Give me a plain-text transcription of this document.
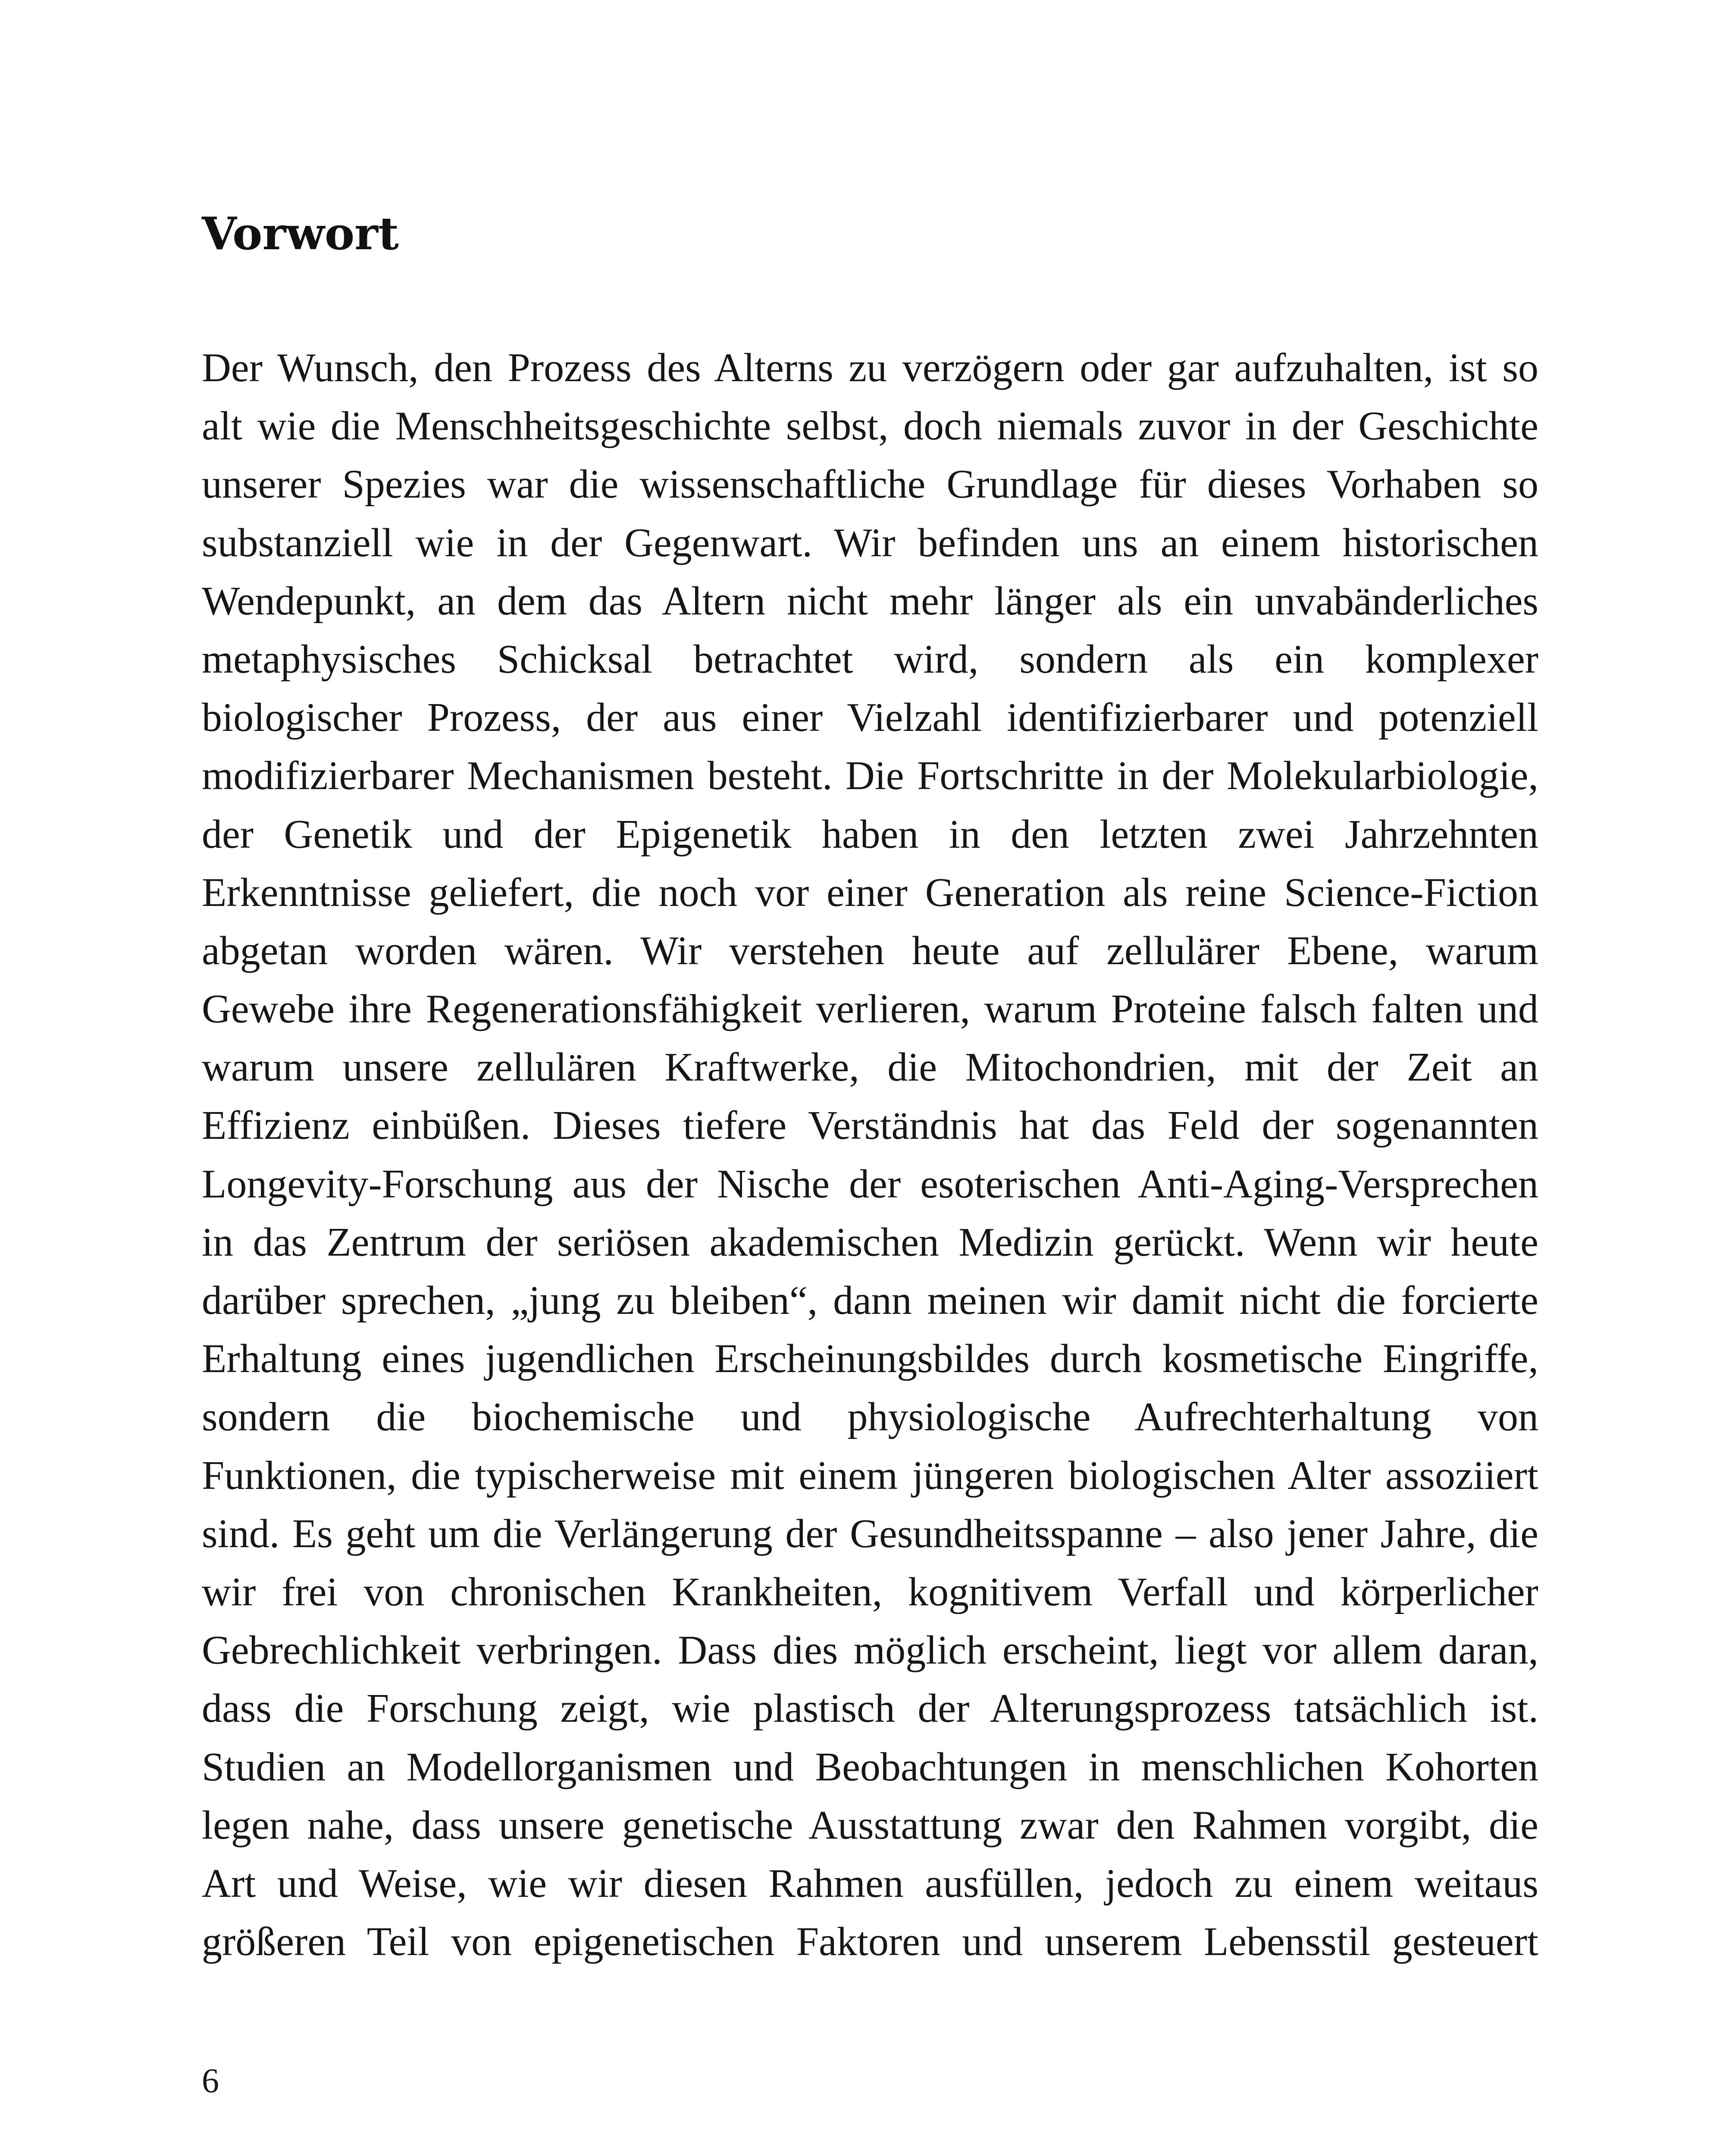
Vorwort
Der Wunsch, den Prozess des Alterns zu verzögern oder gar aufzuhalten, ist so
alt wie die Menschheitsgeschichte selbst, doch niemals zuvor in der Geschichte
unserer Spezies war die wissenschaftliche Grundlage für dieses Vorhaben so
substanziell wie in der Gegenwart. Wir befinden uns an einem historischen
Wendepunkt, an dem das Altern nicht mehr länger als ein unvabänderliches
metaphysisches Schicksal betrachtet wird, sondern als ein komplexer
biologischer Prozess, der aus einer Vielzahl identifizierbarer und potenziell
modifizierbarer Mechanismen besteht. Die Fortschritte in der Molekularbiologie,
der Genetik und der Epigenetik haben in den letzten zwei Jahrzehnten
Erkenntnisse geliefert, die noch vor einer Generation als reine Science-Fiction
abgetan worden wären. Wir verstehen heute auf zellulärer Ebene, warum
Gewebe ihre Regenerationsfähigkeit verlieren, warum Proteine falsch falten und
warum unsere zellulären Kraftwerke, die Mitochondrien, mit der Zeit an
Effizienz einbüßen. Dieses tiefere Verständnis hat das Feld der sogenannten
Longevity-Forschung aus der Nische der esoterischen Anti-Aging-Versprechen
in das Zentrum der seriösen akademischen Medizin gerückt. Wenn wir heute
darüber sprechen, „jung zu bleiben“, dann meinen wir damit nicht die forcierte
Erhaltung eines jugendlichen Erscheinungsbildes durch kosmetische Eingriffe,
sondern die biochemische und physiologische Aufrechterhaltung von
Funktionen, die typischerweise mit einem jüngeren biologischen Alter assoziiert
sind. Es geht um die Verlängerung der Gesundheitsspanne – also jener Jahre, die
wir frei von chronischen Krankheiten, kognitivem Verfall und körperlicher
Gebrechlichkeit verbringen. Dass dies möglich erscheint, liegt vor allem daran,
dass die Forschung zeigt, wie plastisch der Alterungsprozess tatsächlich ist.
Studien an Modellorganismen und Beobachtungen in menschlichen Kohorten
legen nahe, dass unsere genetische Ausstattung zwar den Rahmen vorgibt, die
Art und Weise, wie wir diesen Rahmen ausfüllen, jedoch zu einem weitaus
größeren Teil von epigenetischen Faktoren und unserem Lebensstil gesteuert
6
